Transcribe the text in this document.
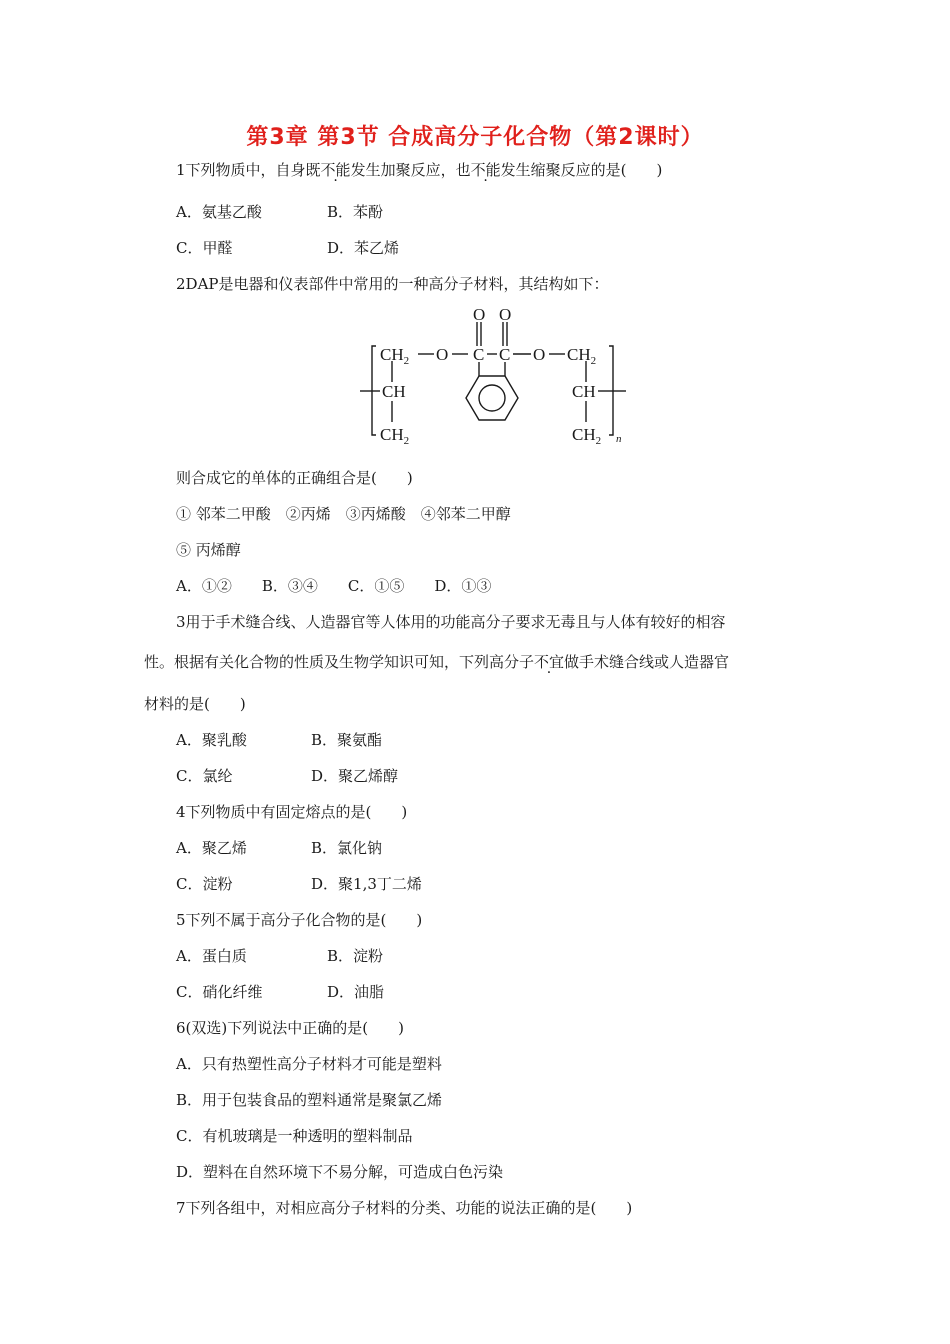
第3章 第3节 合成高分子化合物（第2课时）
1下列物质中，自身既不能发生加聚反应，也不能发生缩聚反应的是(　　)
A．氨基乙酸	B．苯酚
C．甲醛	D．苯乙烯
2DAP是电器和仪表部件中常用的一种高分子材料，其结构如下：
$CH_2$
CH
$CH_2$
O
O O
C C O $CH_2$
CH
$CH_2$ n
则合成它的单体的正确组合是(　　)
① 邻苯二甲酸　②丙烯　③丙烯酸　④邻苯二甲醇
⑤ 丙烯醇
A．①②　　B．③④　　C．①⑤　　D．①③
3用于手术缝合线、人造器官等人体用的功能高分子要求无毒且与人体有较好的相容
性。根据有关化合物的性质及生物学知识可知，下列高分子不宜做手术缝合线或人造器官
材料的是(　　)
A．聚乳酸	B．聚氨酯
C．氯纶	D．聚乙烯醇
4下列物质中有固定熔点的是(　　)
A．聚乙烯	B．氯化钠
C．淀粉	D．聚1,3丁二烯
5下列不属于高分子化合物的是(　　)
A．蛋白质	B．淀粉
C．硝化纤维	D．油脂
6(双选)下列说法中正确的是(　　)
A．只有热塑性高分子材料才可能是塑料
B．用于包装食品的塑料通常是聚氯乙烯
C．有机玻璃是一种透明的塑料制品
D．塑料在自然环境下不易分解，可造成白色污染
7下列各组中，对相应高分子材料的分类、功能的说法正确的是(　　)
